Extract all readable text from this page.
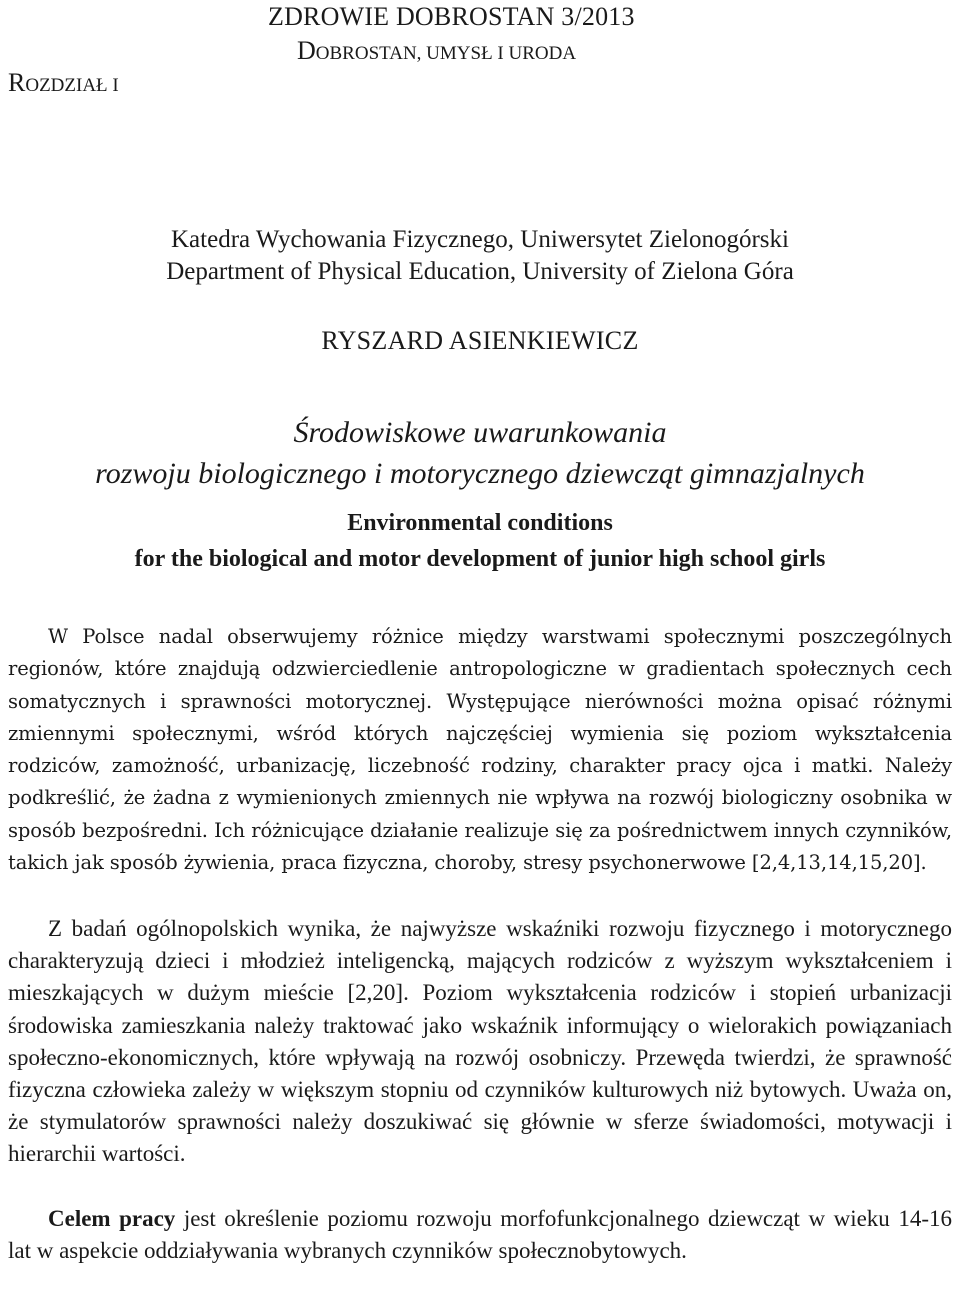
ZDROWIE DOBROSTAN 3/2013
DOBROSTAN, UMYSŁ I URODA
ROZDZIAŁ I
Katedra Wychowania Fizycznego, Uniwersytet Zielonogórski
Department of Physical Education, University of Zielona Góra
RYSZARD ASIENKIEWICZ
Środowiskowe uwarunkowania
rozwoju biologicznego i motorycznego dziewcząt gimnazjalnych
Environmental conditions
for the biological and motor development of junior high school girls

W Polsce nadal obserwujemy różnice między warstwami społecznymi poszczególnych regionów, które znajdują odzwierciedlenie antropologiczne w gradientach społecznych cech somatycznych i sprawności motorycznej. Występujące nierówności można opisać różnymi zmiennymi społecznymi, wśród których najczęściej wymienia się poziom wykształcenia rodziców, zamożność, urbanizację, liczebność rodziny, charakter pracy ojca i matki. Należy podkreślić, że żadna z wymienionych zmiennych nie wpływa na rozwój biologiczny osobnika w sposób bezpośredni. Ich różnicujące działanie realizuje się za pośrednictwem innych czynników, takich jak sposób żywienia, praca fizyczna, choroby, stresy psychonerwowe [2,4,13,14,15,20].

Z badań ogólnopolskich wynika, że najwyższe wskaźniki rozwoju fizycznego i motorycznego charakteryzują dzieci i młodzież inteligencką, mających rodziców z wyższym wykształceniem i mieszkających w dużym mieście [2,20]. Poziom wykształcenia rodziców i stopień urbanizacji środowiska zamieszkania należy traktować jako wskaźnik informujący o wielorakich powiązaniach społeczno-ekonomicznych, które wpływają na rozwój osobniczy. Przewęda twierdzi, że sprawność fizyczna człowieka zależy w większym stopniu od czynników kulturowych niż bytowych. Uważa on, że stymulatorów sprawności należy doszukiwać się głównie w sferze świadomości, motywacji i hierarchii wartości.

Celem pracy jest określenie poziomu rozwoju morfofunkcjonalnego dziewcząt w wieku 14-16 lat w aspekcie oddziaływania wybranych czynników społecznobytowych.
